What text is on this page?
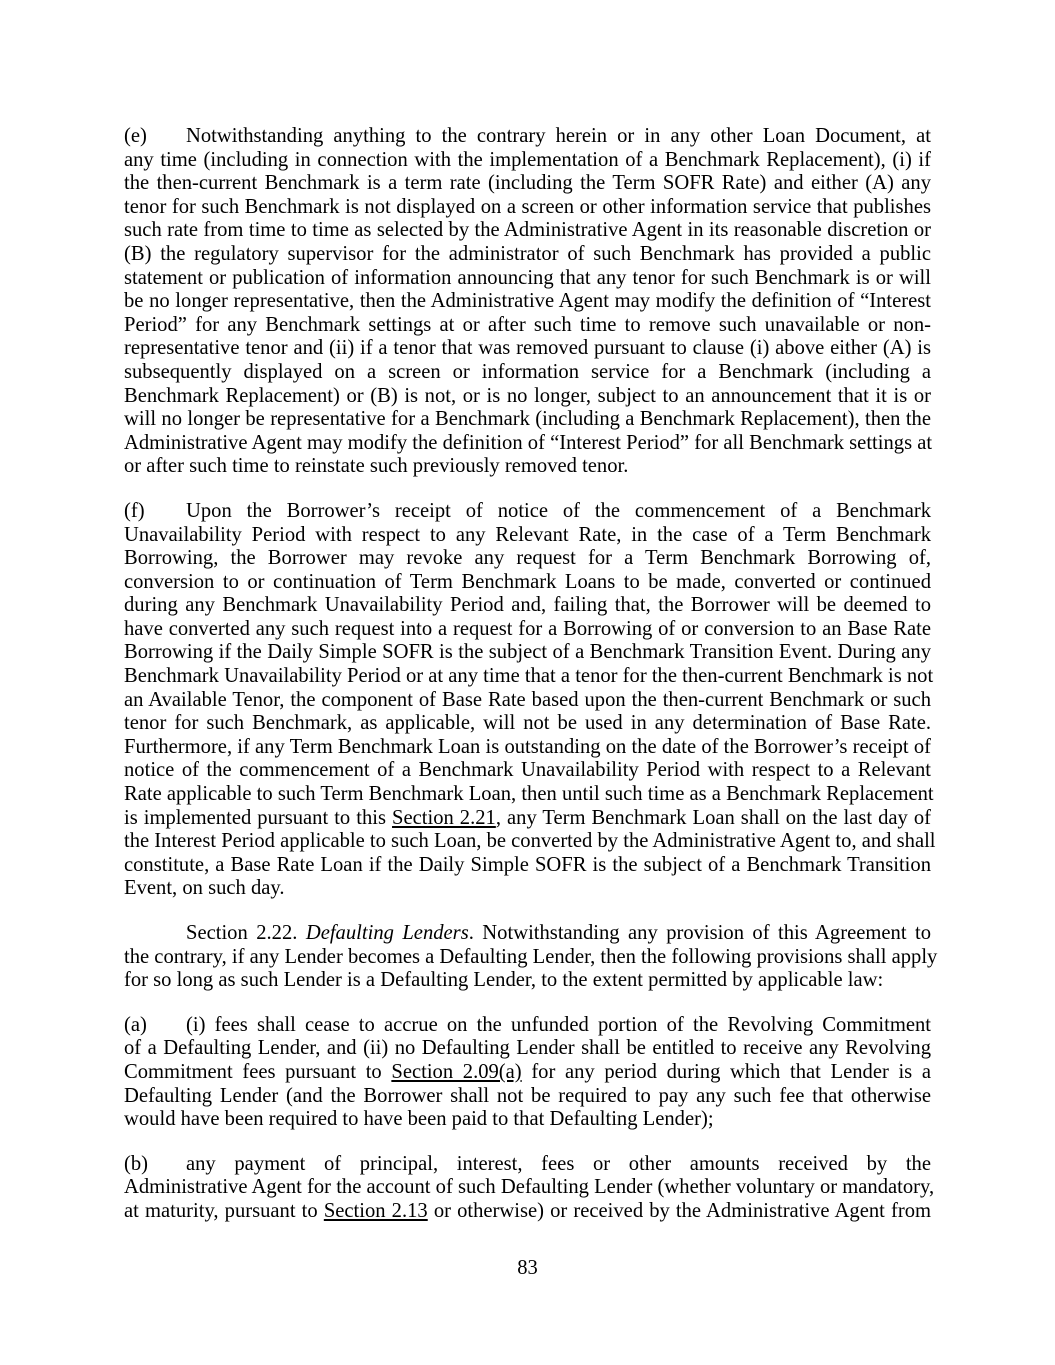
(e) Notwithstanding anything to the contrary herein or in any other Loan Document, at
any time (including in connection with the implementation of a Benchmark Replacement), (i) if
the then-current Benchmark is a term rate (including the Term SOFR Rate) and either (A) any
tenor for such Benchmark is not displayed on a screen or other information service that publishes
such rate from time to time as selected by the Administrative Agent in its reasonable discretion or
(B) the regulatory supervisor for the administrator of such Benchmark has provided a public
statement or publication of information announcing that any tenor for such Benchmark is or will
be no longer representative, then the Administrative Agent may modify the definition of “Interest
Period” for any Benchmark settings at or after such time to remove such unavailable or non-
representative tenor and (ii) if a tenor that was removed pursuant to clause (i) above either (A) is
subsequently displayed on a screen or information service for a Benchmark (including a
Benchmark Replacement) or (B) is not, or is no longer, subject to an announcement that it is or
will no longer be representative for a Benchmark (including a Benchmark Replacement), then the
Administrative Agent may modify the definition of “Interest Period” for all Benchmark settings at
or after such time to reinstate such previously removed tenor.
(f) Upon the Borrower’s receipt of notice of the commencement of a Benchmark
Unavailability Period with respect to any Relevant Rate, in the case of a Term Benchmark
Borrowing, the Borrower may revoke any request for a Term Benchmark Borrowing of,
conversion to or continuation of Term Benchmark Loans to be made, converted or continued
during any Benchmark Unavailability Period and, failing that, the Borrower will be deemed to
have converted any such request into a request for a Borrowing of or conversion to an Base Rate
Borrowing if the Daily Simple SOFR is the subject of a Benchmark Transition Event. During any
Benchmark Unavailability Period or at any time that a tenor for the then-current Benchmark is not
an Available Tenor, the component of Base Rate based upon the then-current Benchmark or such
tenor for such Benchmark, as applicable, will not be used in any determination of Base Rate.
Furthermore, if any Term Benchmark Loan is outstanding on the date of the Borrower’s receipt of
notice of the commencement of a Benchmark Unavailability Period with respect to a Relevant
Rate applicable to such Term Benchmark Loan, then until such time as a Benchmark Replacement
is implemented pursuant to this Section 2.21, any Term Benchmark Loan shall on the last day of
the Interest Period applicable to such Loan, be converted by the Administrative Agent to, and shall
constitute, a Base Rate Loan if the Daily Simple SOFR is the subject of a Benchmark Transition
Event, on such day.
Section 2.22. Defaulting Lenders. Notwithstanding any provision of this Agreement to
the contrary, if any Lender becomes a Defaulting Lender, then the following provisions shall apply
for so long as such Lender is a Defaulting Lender, to the extent permitted by applicable law:
(a) (i) fees shall cease to accrue on the unfunded portion of the Revolving Commitment
of a Defaulting Lender, and (ii) no Defaulting Lender shall be entitled to receive any Revolving
Commitment fees pursuant to Section 2.09(a) for any period during which that Lender is a
Defaulting Lender (and the Borrower shall not be required to pay any such fee that otherwise
would have been required to have been paid to that Defaulting Lender);
(b) any payment of principal, interest, fees or other amounts received by the
Administrative Agent for the account of such Defaulting Lender (whether voluntary or mandatory,
at maturity, pursuant to Section 2.13 or otherwise) or received by the Administrative Agent from
83
